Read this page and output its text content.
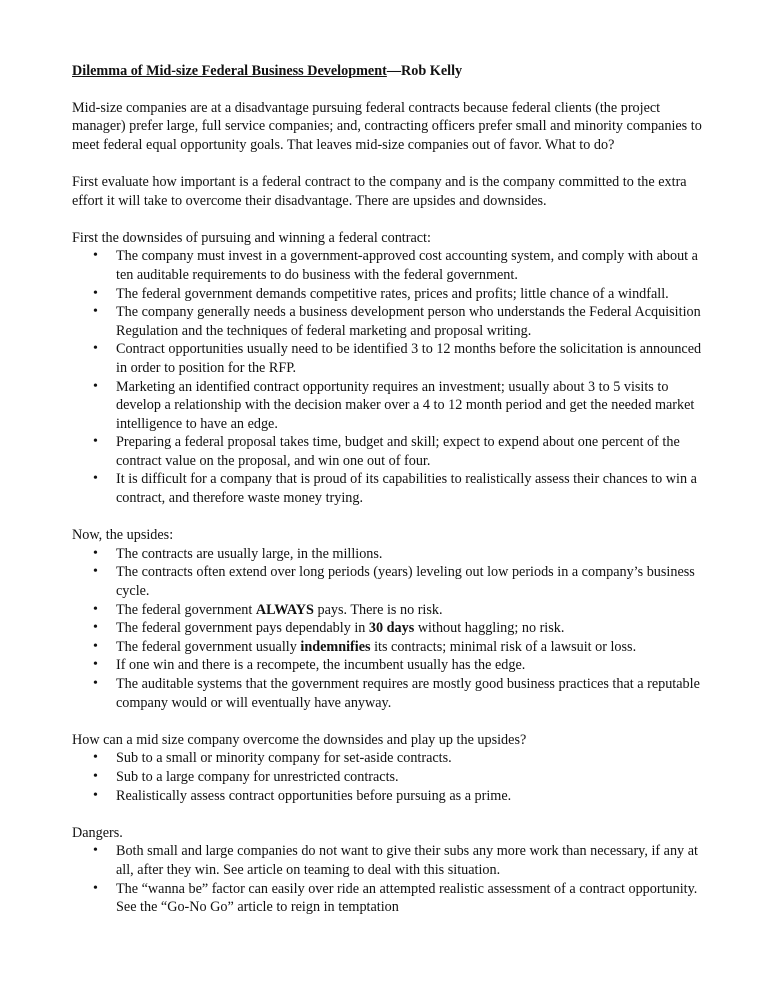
Dilemma of Mid-size Federal Business Development—Rob Kelly

Mid-size companies are at a disadvantage pursuing federal contracts because federal clients (the project manager) prefer large, full service companies; and, contracting officers prefer small and minority companies to meet federal equal opportunity goals. That leaves mid-size companies out of favor. What to do?

First evaluate how important is a federal contract to the company and is the company committed to the extra effort it will take to overcome their disadvantage. There are upsides and downsides.

First the downsides of pursuing and winning a federal contract:
• The company must invest in a government-approved cost accounting system, and comply with about a ten auditable requirements to do business with the federal government.
• The federal government demands competitive rates, prices and profits; little chance of a windfall.
• The company generally needs a business development person who understands the Federal Acquisition Regulation and the techniques of federal marketing and proposal writing.
• Contract opportunities usually need to be identified 3 to 12 months before the solicitation is announced in order to position for the RFP.
• Marketing an identified contract opportunity requires an investment; usually about 3 to 5 visits to develop a relationship with the decision maker over a 4 to 12 month period and get the needed market intelligence to have an edge.
• Preparing a federal proposal takes time, budget and skill; expect to expend about one percent of the contract value on the proposal, and win one out of four.
• It is difficult for a company that is proud of its capabilities to realistically assess their chances to win a contract, and therefore waste money trying.
Now, the upsides:
• The contracts are usually large, in the millions.
• The contracts often extend over long periods (years) leveling out low periods in a company’s business cycle.
• The federal government ALWAYS pays. There is no risk.
• The federal government pays dependably in 30 days without haggling; no risk.
• The federal government usually indemnifies its contracts; minimal risk of a lawsuit or loss.
• If one win and there is a recompete, the incumbent usually has the edge.
• The auditable systems that the government requires are mostly good business practices that a reputable company would or will eventually have anyway.
How can a mid size company overcome the downsides and play up the upsides?
• Sub to a small or minority company for set-aside contracts.
• Sub to a large company for unrestricted contracts.
• Realistically assess contract opportunities before pursuing as a prime.
Dangers.
• Both small and large companies do not want to give their subs any more work than necessary, if any at all, after they win. See article on teaming to deal with this situation.
• The “wanna be” factor can easily over ride an attempted realistic assessment of a contract opportunity. See the “Go-No Go” article to reign in temptation
